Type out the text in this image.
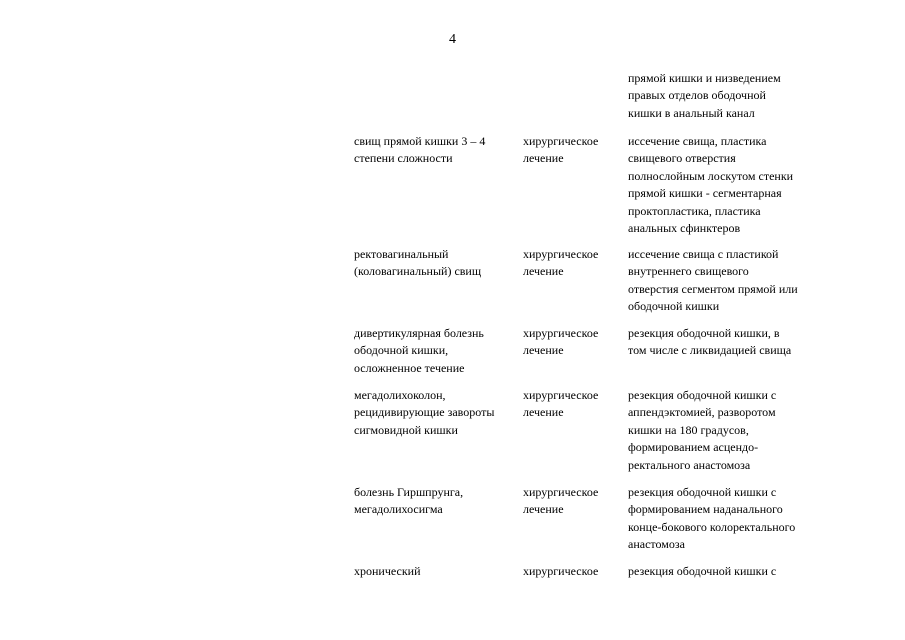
4
прямой кишки и низведением
правых отделов ободочной
кишки в анальный канал
свищ прямой кишки 3 – 4
степени сложности
хирургическое
лечение
иссечение свища, пластика
свищевого отверстия
полнослойным лоскутом стенки
прямой кишки - сегментарная
проктопластика, пластика
анальных сфинктеров
ректовагинальный
(коловагинальный) свищ
хирургическое
лечение
иссечение свища с пластикой
внутреннего свищевого
отверстия сегментом прямой или
ободочной кишки
дивертикулярная болезнь
ободочной кишки,
осложненное течение
хирургическое
лечение
резекция ободочной кишки, в
том числе с ликвидацией свища
мегадолихоколон,
рецидивирующие завороты
сигмовидной кишки
хирургическое
лечение
резекция ободочной кишки с
аппендэктомией, разворотом
кишки на 180 градусов,
формированием асцендо-
ректального анастомоза
болезнь Гиршпрунга,
мегадолихосигма
хирургическое
лечение
резекция ободочной кишки с
формированием наданального
конце-бокового колоректального
анастомоза
хронический	хирургическое резекция ободочной кишки с
